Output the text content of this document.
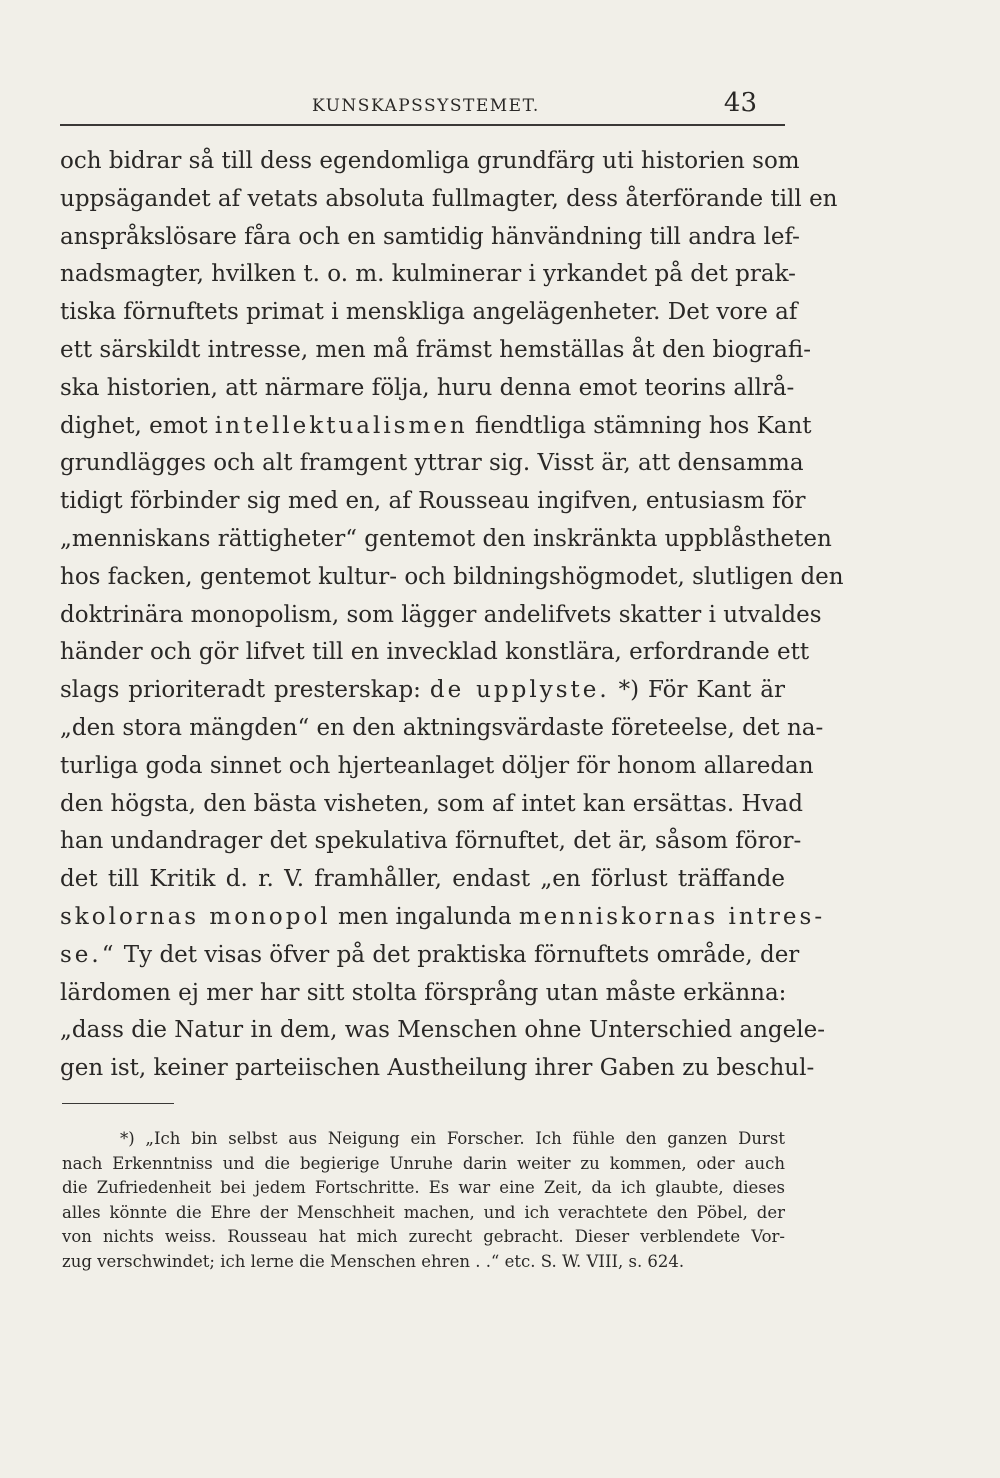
KUNSKAPSSYSTEMET.	43
och bidrar så till dess egendomliga grundfärg uti historien som
uppsägandet af vetats absoluta fullmagter, dess återförande till en
anspråkslösare fåra och en samtidig hänvändning till andra lef-
nadsmagter, hvilken t. o. m. kulminerar i yrkandet på det prak-
tiska förnuftets primat i menskliga angelägenheter. Det vore af
ett särskildt intresse, men må främst hemställas åt den biografi-
ska historien, att närmare följa, huru denna emot teorins allrå-
dighet, emot intellektualismen fiendtliga stämning hos Kant
grundlägges och alt framgent yttrar sig. Visst är, att densamma
tidigt förbinder sig med en, af Rousseau ingifven, entusiasm för
„menniskans rättigheter“ gentemot den inskränkta uppblåstheten
hos facken, gentemot kultur- och bildningshögmodet, slutligen den
doktrinära monopolism, som lägger andelifvets skatter i utvaldes
händer och gör lifvet till en invecklad konstlära, erfordrande ett
slags prioriteradt presterskap: de upplyste. *) För Kant är
„den stora mängden“ en den aktningsvärdaste företeelse, det na-
turliga goda sinnet och hjerteanlaget döljer för honom allaredan
den högsta, den bästa visheten, som af intet kan ersättas. Hvad
han undandrager det spekulativa förnuftet, det är, såsom föror-
det till Kritik d. r. V. framhåller, endast „en förlust träffande
skolornas monopol men ingalunda menniskornas intres-
se.“ Ty det visas öfver på det praktiska förnuftets område, der
lärdomen ej mer har sitt stolta försprång utan måste erkänna:
„dass die Natur in dem, was Menschen ohne Unterschied angele-
gen ist, keiner parteiischen Austheilung ihrer Gaben zu beschul-
*) „Ich bin selbst aus Neigung ein Forscher. Ich fühle den ganzen Durst
nach Erkenntniss und die begierige Unruhe darin weiter zu kommen, oder auch
die Zufriedenheit bei jedem Fortschritte. Es war eine Zeit, da ich glaubte, dieses
alles könnte die Ehre der Menschheit machen, und ich verachtete den Pöbel, der
von nichts weiss. Rousseau hat mich zurecht gebracht. Dieser verblendete Vor-
zug verschwindet; ich lerne die Menschen ehren . .“ etc. S. W. VIII, s. 624.
